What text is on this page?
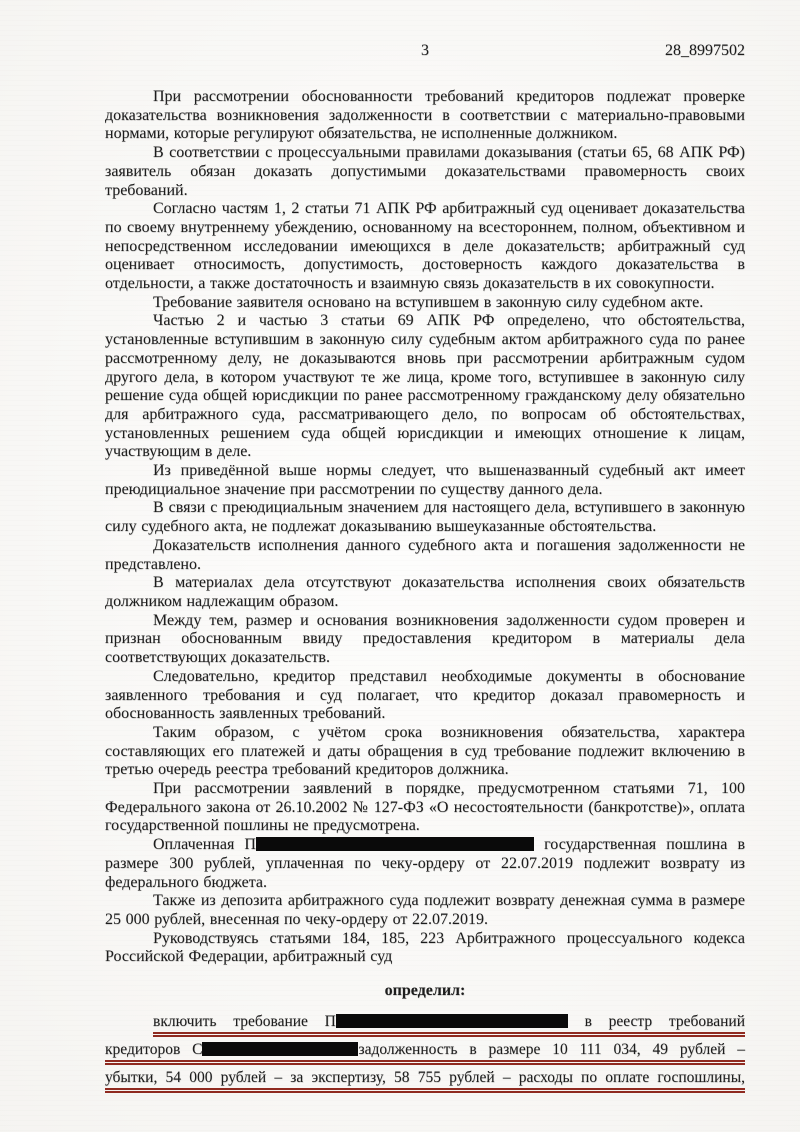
3	28_8997502

При рассмотрении обоснованности требований кредиторов подлежат проверке доказательства возникновения задолженности в соответствии с материально-правовыми нормами, которые регулируют обязательства, не исполненные должником.

В соответствии с процессуальными правилами доказывания (статьи 65, 68 АПК РФ) заявитель обязан доказать допустимыми доказательствами правомерность своих требований.

Согласно частям 1, 2 статьи 71 АПК РФ арбитражный суд оценивает доказательства по своему внутреннему убеждению, основанному на всестороннем, полном, объективном и непосредственном исследовании имеющихся в деле доказательств; арбитражный суд оценивает относимость, допустимость, достоверность каждого доказательства в отдельности, а также достаточность и взаимную связь доказательств в их совокупности.

Требование заявителя основано на вступившем в законную силу судебном акте.

Частью 2 и частью 3 статьи 69 АПК РФ определено, что обстоятельства, установленные вступившим в законную силу судебным актом арбитражного суда по ранее рассмотренному делу, не доказываются вновь при рассмотрении арбитражным судом другого дела, в котором участвуют те же лица, кроме того, вступившее в законную силу решение суда общей юрисдикции по ранее рассмотренному гражданскому делу обязательно для арбитражного суда, рассматривающего дело, по вопросам об обстоятельствах, установленных решением суда общей юрисдикции и имеющих отношение к лицам, участвующим в деле.

Из приведённой выше нормы следует, что вышеназванный судебный акт имеет преюдициальное значение при рассмотрении по существу данного дела.

В связи с преюдициальным значением для настоящего дела, вступившего в законную силу судебного акта, не подлежат доказыванию вышеуказанные обстоятельства.

Доказательств исполнения данного судебного акта и погашения задолженности не представлено.

В материалах дела отсутствуют доказательства исполнения своих обязательств должником надлежащим образом.

Между тем, размер и основания возникновения задолженности судом проверен и признан обоснованным ввиду предоставления кредитором в материалы дела соответствующих доказательств.

Следовательно, кредитор представил необходимые документы в обоснование заявленного требования и суд полагает, что кредитор доказал правомерность и обоснованность заявленных требований.

Таким образом, с учётом срока возникновения обязательства, характера составляющих его платежей и даты обращения в суд требование подлежит включению в третью очередь реестра требований кредиторов должника.

При рассмотрении заявлений в порядке, предусмотренном статьями 71, 100 Федерального закона от 26.10.2002 № 127-ФЗ «О несостоятельности (банкротстве)», оплата государственной пошлины не предусмотрена.

Оплаченная П	государственная пошлина в размере 300 рублей, уплаченная по чеку-ордеру от 22.07.2019 подлежит возврату из федерального бюджета.

Также из депозита арбитражного суда подлежит возврату денежная сумма в размере 25 000 рублей, внесенная по чеку-ордеру от 22.07.2019.

Руководствуясь статьями 184, 185, 223 Арбитражного процессуального кодекса Российской Федерации, арбитражный суд

определил:
включить требование П	в реестр требований
кредиторов С	задолженность в размере 10 111 034, 49 рублей –
убытки, 54 000 рублей – за экспертизу, 58 755 рублей – расходы по оплате госпошлины,
